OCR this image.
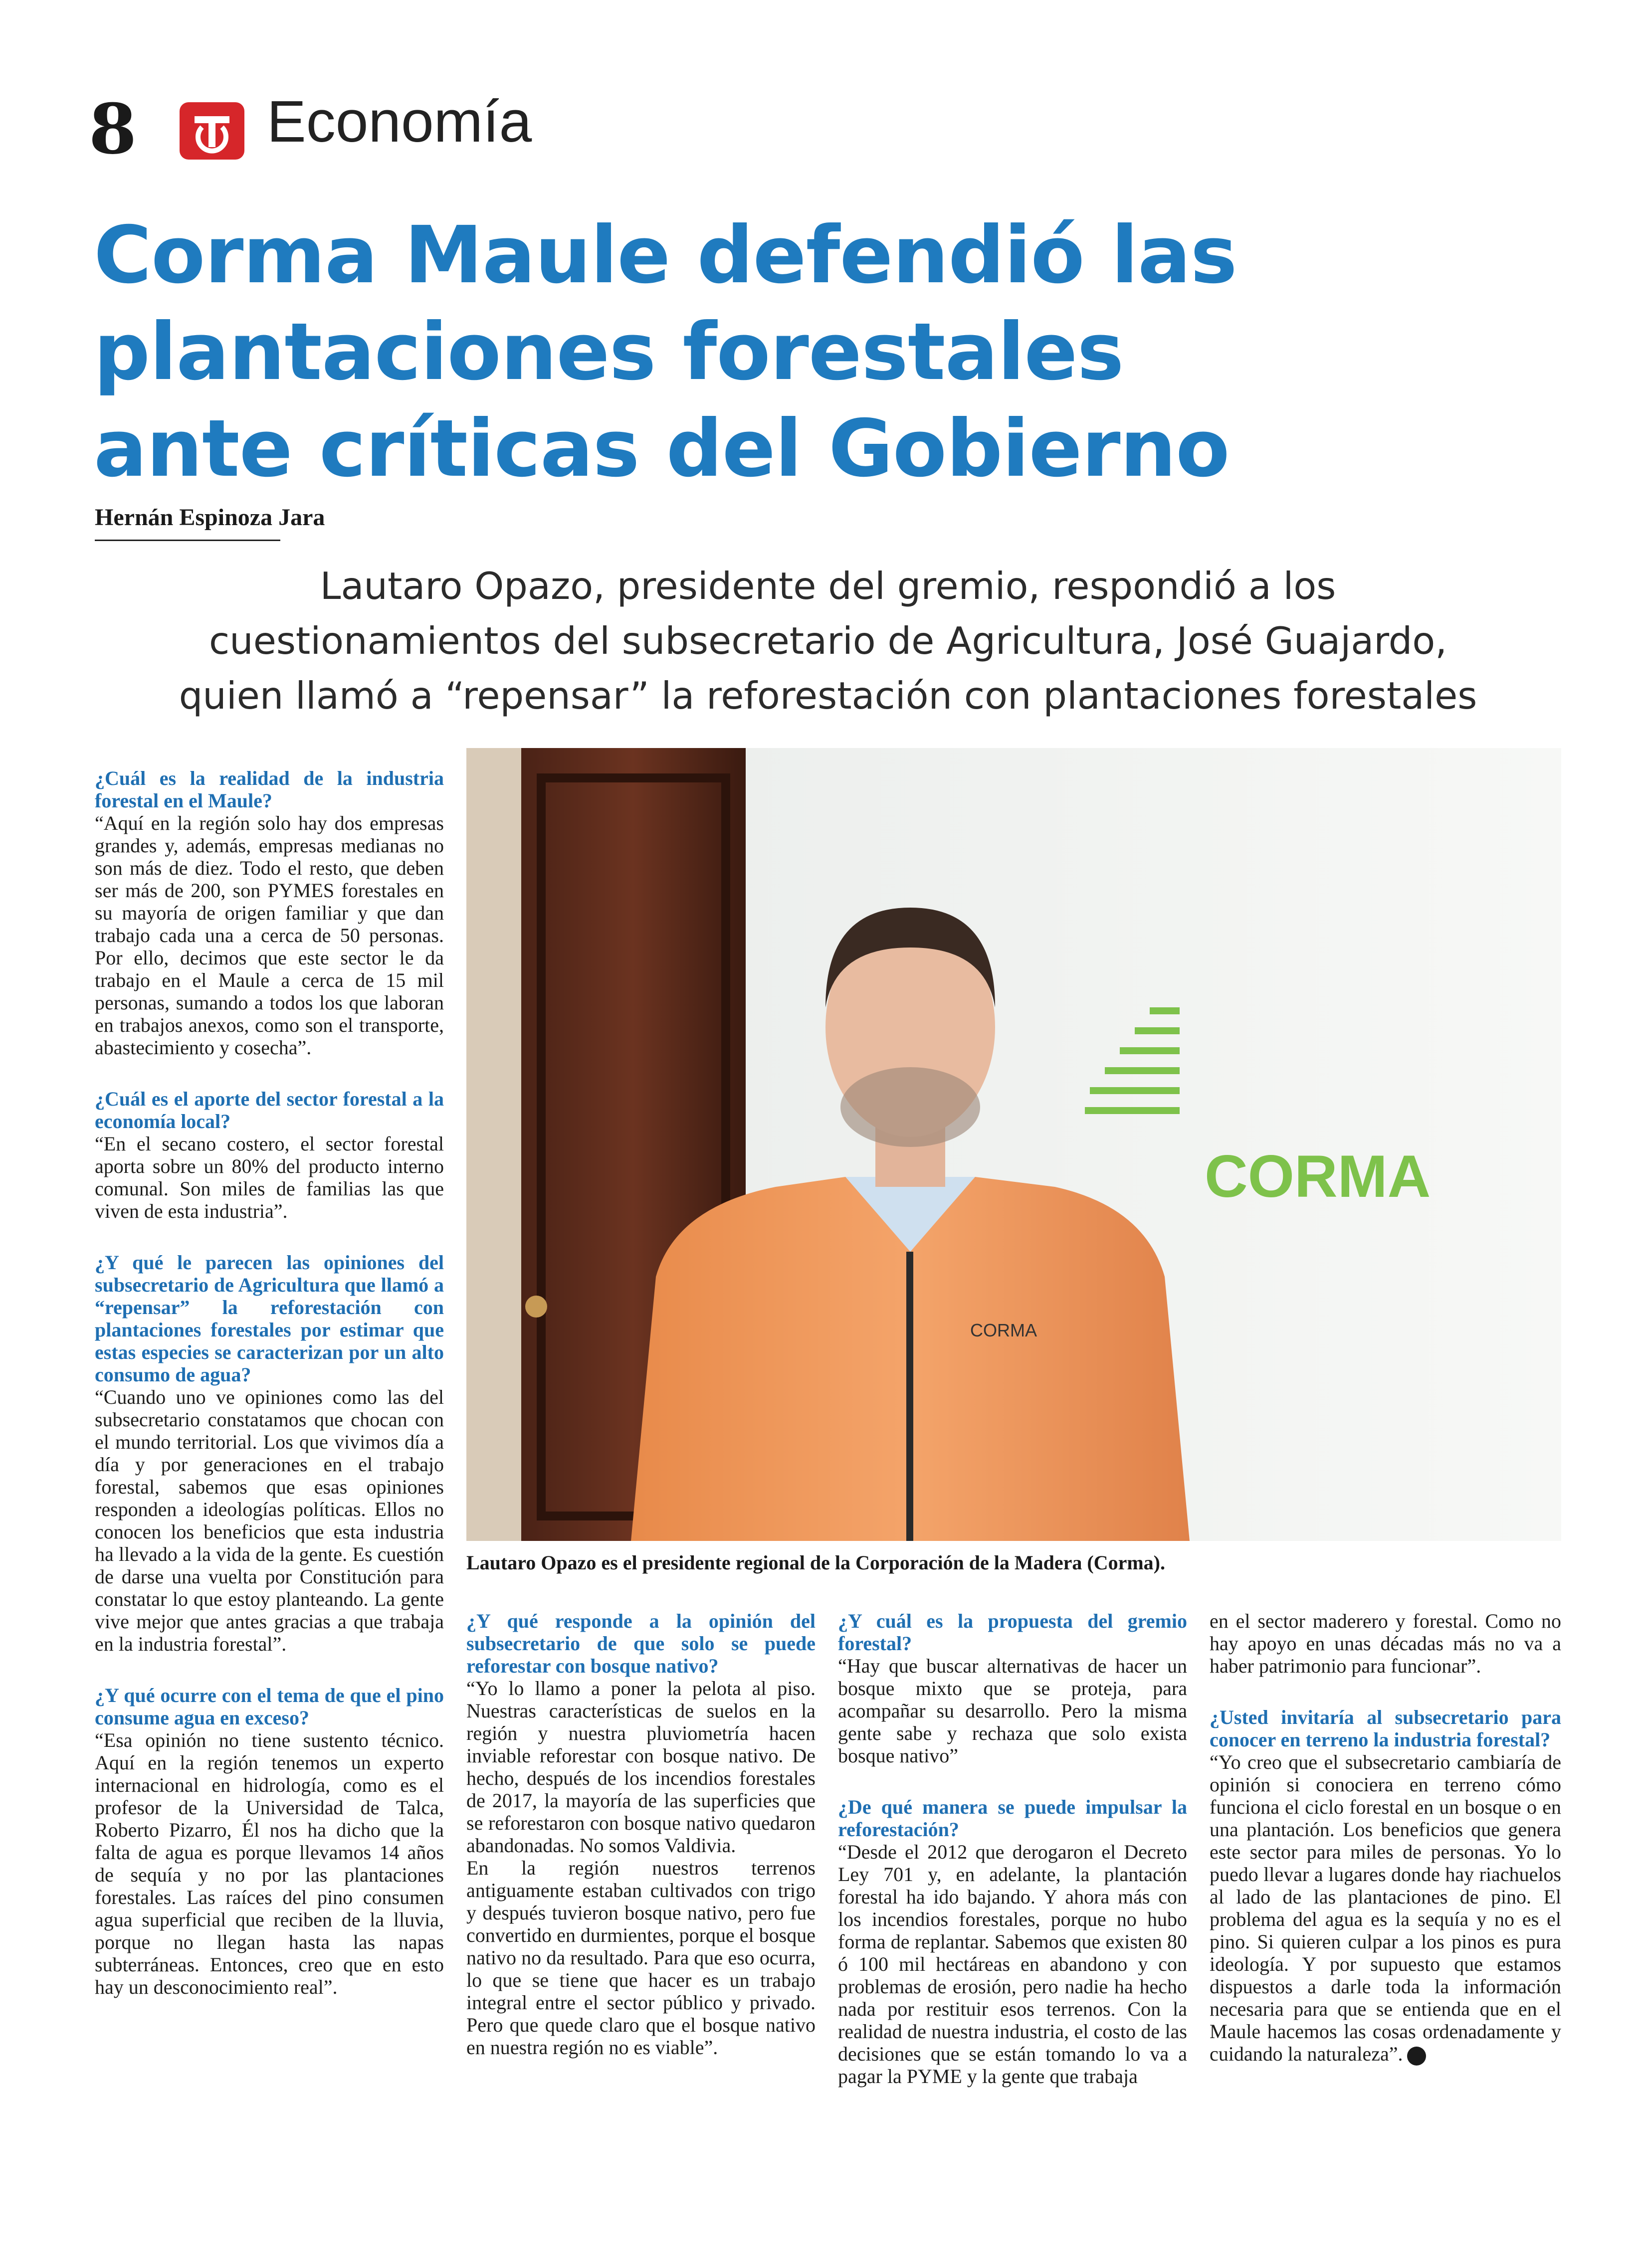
8 Economía
Corma Maule defendió las
plantaciones forestales
ante críticas del Gobierno
Hernán Espinoza Jara
Lautaro Opazo, presidente del gremio, respondió a los
cuestionamientos del subsecretario de Agricultura, José Guajardo,
quien llamó a “repensar” la reforestación con plantaciones forestales

¿Cuál es la realidad de la industria forestal en el Maule?
“Aquí en la región solo hay dos empresas grandes y, además, empresas medianas no son más de diez. Todo el resto, que deben ser más de 200, son PYMES forestales en su mayoría de origen familiar y que dan trabajo cada una a cerca de 50 personas. Por ello, decimos que este sector le da trabajo en el Maule a cerca de 15 mil personas, sumando a todos los que laboran en trabajos anexos, como son el transporte, abastecimiento y cosecha”.

¿Cuál es el aporte del sector forestal a la economía local?
“En el secano costero, el sector forestal aporta sobre un 80% del producto interno comunal. Son miles de familias las que viven de esta industria”.

¿Y qué le parecen las opiniones del subsecretario de Agricultura que llamó a “repensar” la reforestación con plantaciones forestales por estimar que estas especies se caracterizan por un alto consumo de agua?
“Cuando uno ve opiniones como las del subsecretario constatamos que chocan con el mundo territorial. Los que vivimos día a día y por generaciones en el trabajo forestal, sabemos que esas opiniones responden a ideologías políticas. Ellos no conocen los beneficios que esta industria ha llevado a la vida de la gente. Es cuestión de darse una vuelta por Constitución para constatar lo que estoy planteando. La gente vive mejor que antes gracias a que trabaja en la industria forestal”.

¿Y qué ocurre con el tema de que el pino consume agua en exceso?
“Esa opinión no tiene sustento técnico. Aquí en la región tenemos un experto internacional en hidrología, como es el profesor de la Universidad de Talca, Roberto Pizarro, Él nos ha dicho que la falta de agua es porque llevamos 14 años de sequía y no por las plantaciones forestales. Las raíces del pino consumen agua superficial que reciben de la lluvia, porque no llegan hasta las napas subterráneas. Entonces, creo que en esto hay un desconocimiento real”.

CORMA
CORMA
Lautaro Opazo es el presidente regional de la Corporación de la Madera (Corma).

¿Y qué responde a la opinión del subsecretario de que solo se puede reforestar con bosque nativo?
“Yo lo llamo a poner la pelota al piso. Nuestras características de suelos en la región y nuestra pluviometría hacen inviable reforestar con bosque nativo. De hecho, después de los incendios forestales de 2017, la mayoría de las superficies que se reforestaron con bosque nativo quedaron abandonadas. No somos Valdivia.

En la región nuestros terrenos antiguamente estaban cultivados con trigo y después tuvieron bosque nativo, pero fue convertido en durmientes, porque el bosque nativo no da resultado. Para que eso ocurra, lo que se tiene que hacer es un trabajo integral entre el sector público y privado. Pero que quede claro que el bosque nativo en nuestra región no es viable”.

¿Y cuál es la propuesta del gremio forestal?
“Hay que buscar alternativas de hacer un bosque mixto que se proteja, para acompañar su desarrollo. Pero la misma gente sabe y rechaza que solo exista bosque nativo”

¿De qué manera se puede impulsar la reforestación?
“Desde el 2012 que derogaron el Decreto Ley 701 y, en adelante, la plantación forestal ha ido bajando. Y ahora más con los incendios forestales, porque no hubo forma de replantar. Sabemos que existen 80 ó 100 mil hectáreas en abandono y con problemas de erosión, pero nadie ha hecho nada por restituir esos terrenos. Con la realidad de nuestra industria, el costo de las decisiones que se están tomando lo va a pagar la PYME y la gente que trabaja

en el sector maderero y forestal. Como no hay apoyo en unas décadas más no va a haber patrimonio para funcionar”.

¿Usted invitaría al subsecretario para conocer en terreno la industria forestal?
“Yo creo que el subsecretario cambiaría de opinión si conociera en terreno cómo funciona el ciclo forestal en un bosque o en una plantación. Los beneficios que genera este sector para miles de personas. Yo lo puedo llevar a lugares donde hay riachuelos al lado de las plantaciones de pino. El problema del agua es la sequía y no es el pino. Si quieren culpar a los pinos es pura ideología. Y por supuesto que estamos dispuestos a darle toda la información necesaria para que se entienda que en el Maule hacemos las cosas ordenadamente y cuidando la naturaleza”.
